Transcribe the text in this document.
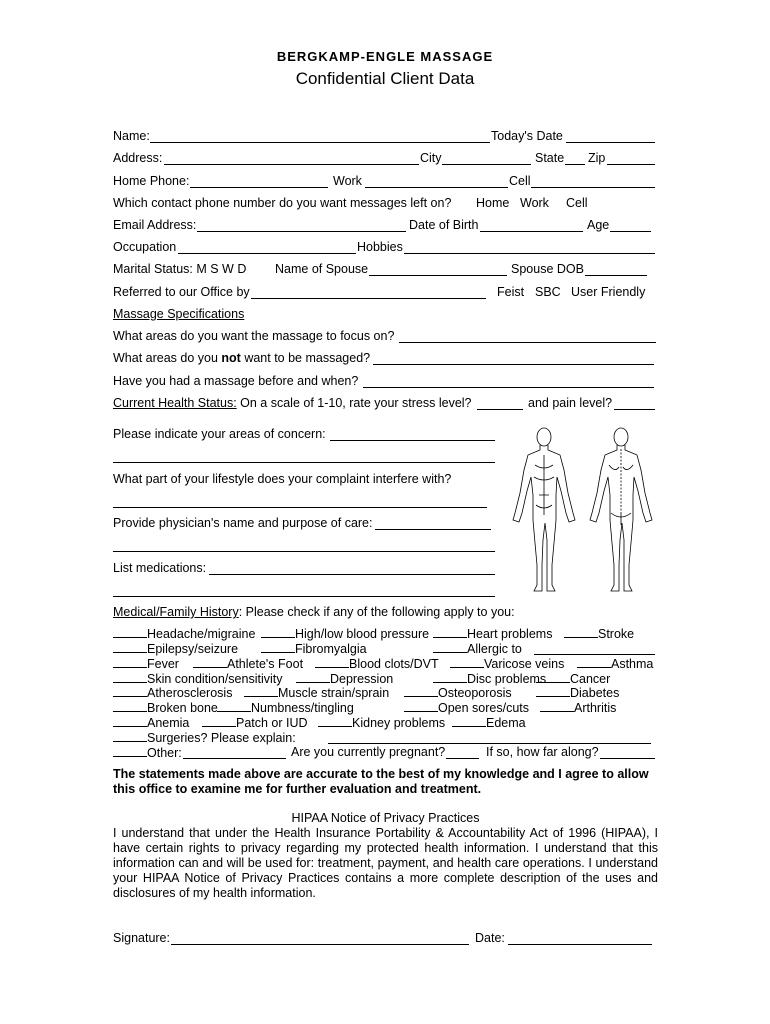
BERGKAMP-ENGLE MASSAGE
Confidential Client Data
Name:	Today's Date
Address:	City	State Zip
Home Phone:	Work	Cell
Which contact phone number do you want messages left on? Home Work Cell
Email Address:	Date of Birth	Age
Occupation	Hobbies
Marital Status: M S W D Name of Spouse	Spouse DOB
Referred to our Office by	Feist SBC User Friendly
Massage Specifications
What areas do you want the massage to focus on?
What areas do you not want to be massaged?
Have you had a massage before and when?
Current Health Status: On a scale of 1-10, rate your stress level?	and pain level?
Please indicate your areas of concern:
What part of your lifestyle does your complaint interfere with?
Provide physician's name and purpose of care:
List medications:
Medical/Family History: Please check if any of the following apply to you:
Headache/migraine	High/low blood pressure	Heart problems	Stroke
Epilepsy/seizure	Fibromyalgia	Allergic to
Fever	Athlete's Foot	Blood clots/DVT	Varicose veins	Asthma
Skin condition/sensitivity	Depression	Disc problems	Cancer
Atherosclerosis	Muscle strain/sprain	Osteoporosis	Diabetes
Broken bone	Numbness/tingling	Open sores/cuts	Arthritis
Anemia	Patch or IUD	Kidney problems	Edema
Surgeries? Please explain:
Other:	Are you currently pregnant?	If so, how far along?
The statements made above are accurate to the best of my knowledge and I agree to allow this office to examine me for further evaluation and treatment.
HIPAA Notice of Privacy Practices
I understand that under the Health Insurance Portability & Accountability Act of 1996 (HIPAA), I have certain rights to privacy regarding my protected health information. I understand that this information can and will be used for: treatment, payment, and health care operations. I understand your HIPAA Notice of Privacy Practices contains a more complete description of the uses and disclosures of my health information.
Signature:	Date:
